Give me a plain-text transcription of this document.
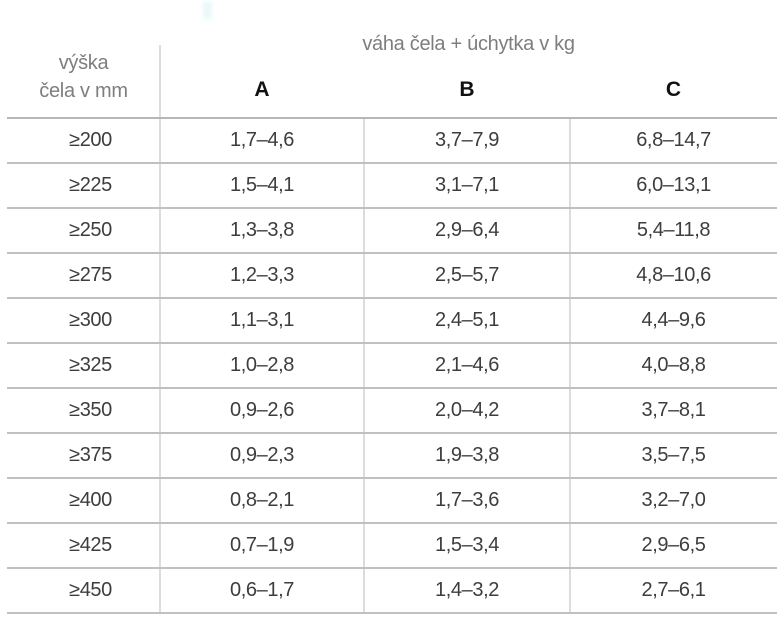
výška
čela v mm	váha čela + úchytka v kg		
	A	B	C
≥200	1,7–4,6	3,7–7,9	6,8–14,7
≥225	1,5–4,1	3,1–7,1	6,0–13,1
≥250	1,3–3,8	2,9–6,4	5,4–11,8
≥275	1,2–3,3	2,5–5,7	4,8–10,6
≥300	1,1–3,1	2,4–5,1	4,4–9,6
≥325	1,0–2,8	2,1–4,6	4,0–8,8
≥350	0,9–2,6	2,0–4,2	3,7–8,1
≥375	0,9–2,3	1,9–3,8	3,5–7,5
≥400	0,8–2,1	1,7–3,6	3,2–7,0
≥425	0,7–1,9	1,5–3,4	2,9–6,5
≥450	0,6–1,7	1,4–3,2	2,7–6,1
